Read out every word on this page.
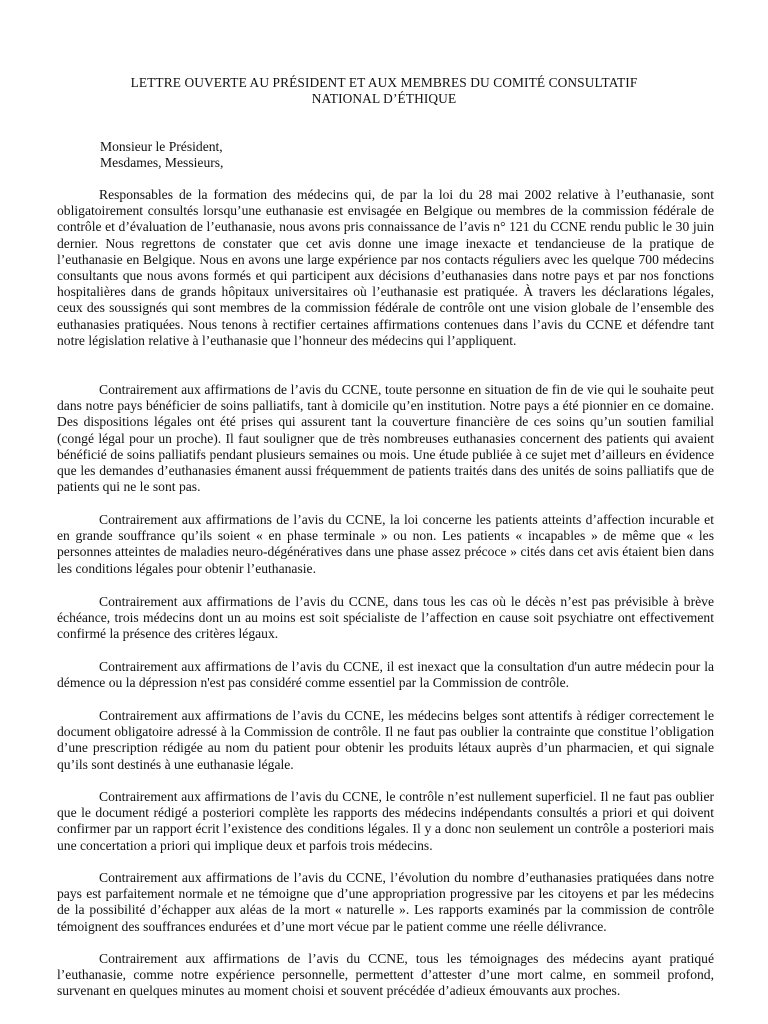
LETTRE OUVERTE AU PRÉSIDENT ET AUX MEMBRES DU COMITÉ CONSULTATIF
NATIONAL D’ÉTHIQUE
Monsieur le Président,
Mesdames, Messieurs,

Responsables de la formation des médecins qui, de par la loi du 28 mai 2002 relative à l’euthanasie, sont obligatoirement consultés lorsqu’une euthanasie est envisagée en Belgique ou membres de la commission fédérale de contrôle et d’évaluation de l’euthanasie, nous avons pris connaissance de l’avis n° 121 du CCNE rendu public le 30 juin dernier. Nous regrettons de constater que cet avis donne une image inexacte et tendancieuse de la pratique de l’euthanasie en Belgique. Nous en avons une large expérience par nos contacts réguliers avec les quelque 700 médecins consultants que nous avons formés et qui participent aux décisions d’euthanasies dans notre pays et par nos fonctions hospitalières dans de grands hôpitaux universitaires où l’euthanasie est pratiquée. À travers les déclarations légales, ceux des soussignés qui sont membres de la commission fédérale de contrôle ont une vision globale de l’ensemble des euthanasies pratiquées. Nous tenons à rectifier certaines affirmations contenues dans l’avis du CCNE et défendre tant notre législation relative à l’euthanasie que l’honneur des médecins qui l’appliquent.

Contrairement aux affirmations de l’avis du CCNE, toute personne en situation de fin de vie qui le souhaite peut dans notre pays bénéficier de soins palliatifs, tant à domicile qu’en institution. Notre pays a été pionnier en ce domaine. Des dispositions légales ont été prises qui assurent tant la couverture financière de ces soins qu’un soutien familial (congé légal pour un proche). Il faut souligner que de très nombreuses euthanasies concernent des patients qui avaient bénéficié de soins palliatifs pendant plusieurs semaines ou mois. Une étude publiée à ce sujet met d’ailleurs en évidence que les demandes d’euthanasies émanent aussi fréquemment de patients traités dans des unités de soins palliatifs que de patients qui ne le sont pas.

Contrairement aux affirmations de l’avis du CCNE, la loi concerne les patients atteints d’affection incurable et en grande souffrance qu’ils soient « en phase terminale » ou non. Les patients « incapables » de même que « les personnes atteintes de maladies neuro-dégénératives dans une phase assez précoce » cités dans cet avis étaient bien dans les conditions légales pour obtenir l’euthanasie.

Contrairement aux affirmations de l’avis du CCNE, dans tous les cas où le décès n’est pas prévisible à brève échéance, trois médecins dont un au moins est soit spécialiste de l’affection en cause soit psychiatre ont effectivement confirmé la présence des critères légaux.

Contrairement aux affirmations de l’avis du CCNE, il est inexact que la consultation d'un autre médecin pour la démence ou la dépression n'est pas considéré comme essentiel par la Commission de contrôle.

Contrairement aux affirmations de l’avis du CCNE, les médecins belges sont attentifs à rédiger correctement le document obligatoire adressé à la Commission de contrôle. Il ne faut pas oublier la contrainte que constitue l’obligation d’une prescription rédigée au nom du patient pour obtenir les produits létaux auprès d’un pharmacien, et qui signale qu’ils sont destinés à une euthanasie légale.

Contrairement aux affirmations de l’avis du CCNE, le contrôle n’est nullement superficiel. Il ne faut pas oublier que le document rédigé a posteriori complète les rapports des médecins indépendants consultés a priori et qui doivent confirmer par un rapport écrit l’existence des conditions légales. Il y a donc non seulement un contrôle a posteriori mais une concertation a priori qui implique deux et parfois trois médecins.

Contrairement aux affirmations de l’avis du CCNE, l’évolution du nombre d’euthanasies pratiquées dans notre pays est parfaitement normale et ne témoigne que d’une appropriation progressive par les citoyens et par les médecins de la possibilité d’échapper aux aléas de la mort « naturelle ». Les rapports examinés par la commission de contrôle témoignent des souffrances endurées et d’une mort vécue par le patient comme une réelle délivrance.

Contrairement aux affirmations de l’avis du CCNE, tous les témoignages des médecins ayant pratiqué l’euthanasie, comme notre expérience personnelle, permettent d’attester d’une mort calme, en sommeil profond, survenant en quelques minutes au moment choisi et souvent précédée d’adieux émouvants aux proches.
